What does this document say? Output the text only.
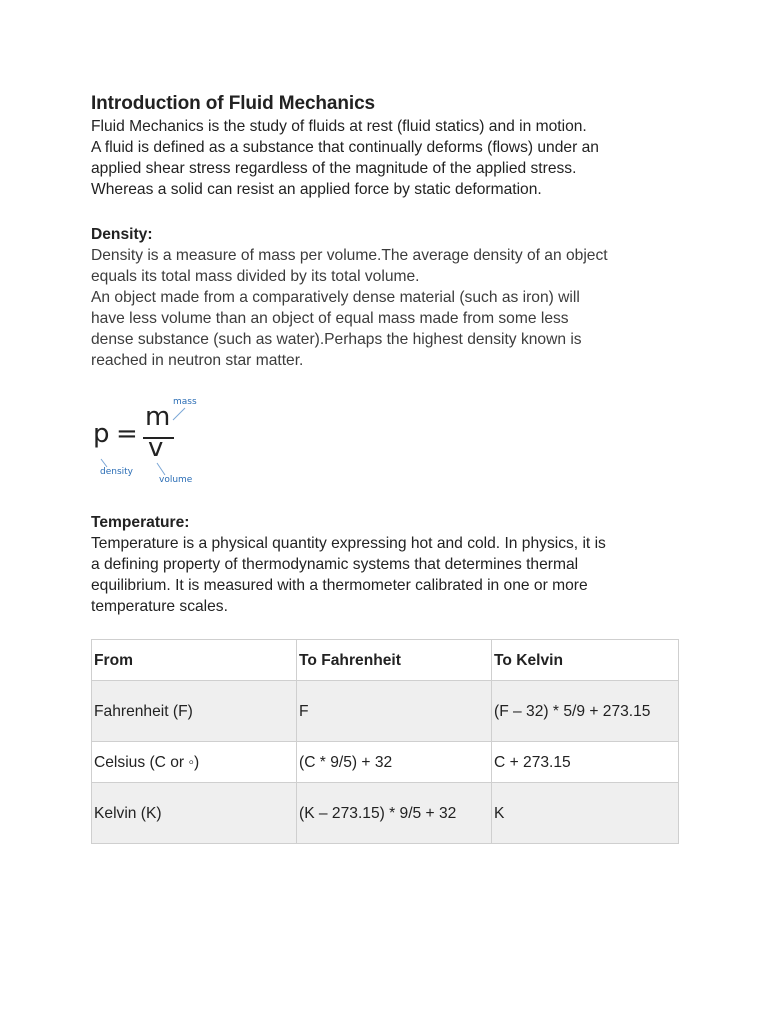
Introduction of Fluid Mechanics

Fluid Mechanics is the study of fluids at rest (fluid statics) and in motion.
A fluid is defined as a substance that continually deforms (flows) under an
applied shear stress regardless of the magnitude of the applied stress.
Whereas a solid can resist an applied force by static deformation.

Density:

Density is a measure of mass per volume.The average density of an object
equals its total mass divided by its total volume.
An object made from a comparatively dense material (such as iron) will
have less volume than an object of equal mass made from some less
dense substance (such as water).Perhaps the highest density known is
reached in neutron star matter.

p =
m
v
mass
density
volume
Temperature:

Temperature is a physical quantity expressing hot and cold. In physics, it is
a defining property of thermodynamic systems that determines thermal
equilibrium. It is measured with a thermometer calibrated in one or more
temperature scales.

From	To Fahrenheit	To Kelvin
Fahrenheit (F)	F	(F – 32) * 5/9 + 273.15
Celsius (C or ◦)	(C * 9/5) + 32	C + 273.15
Kelvin (K)	(K – 273.15) * 9/5 + 32	K
